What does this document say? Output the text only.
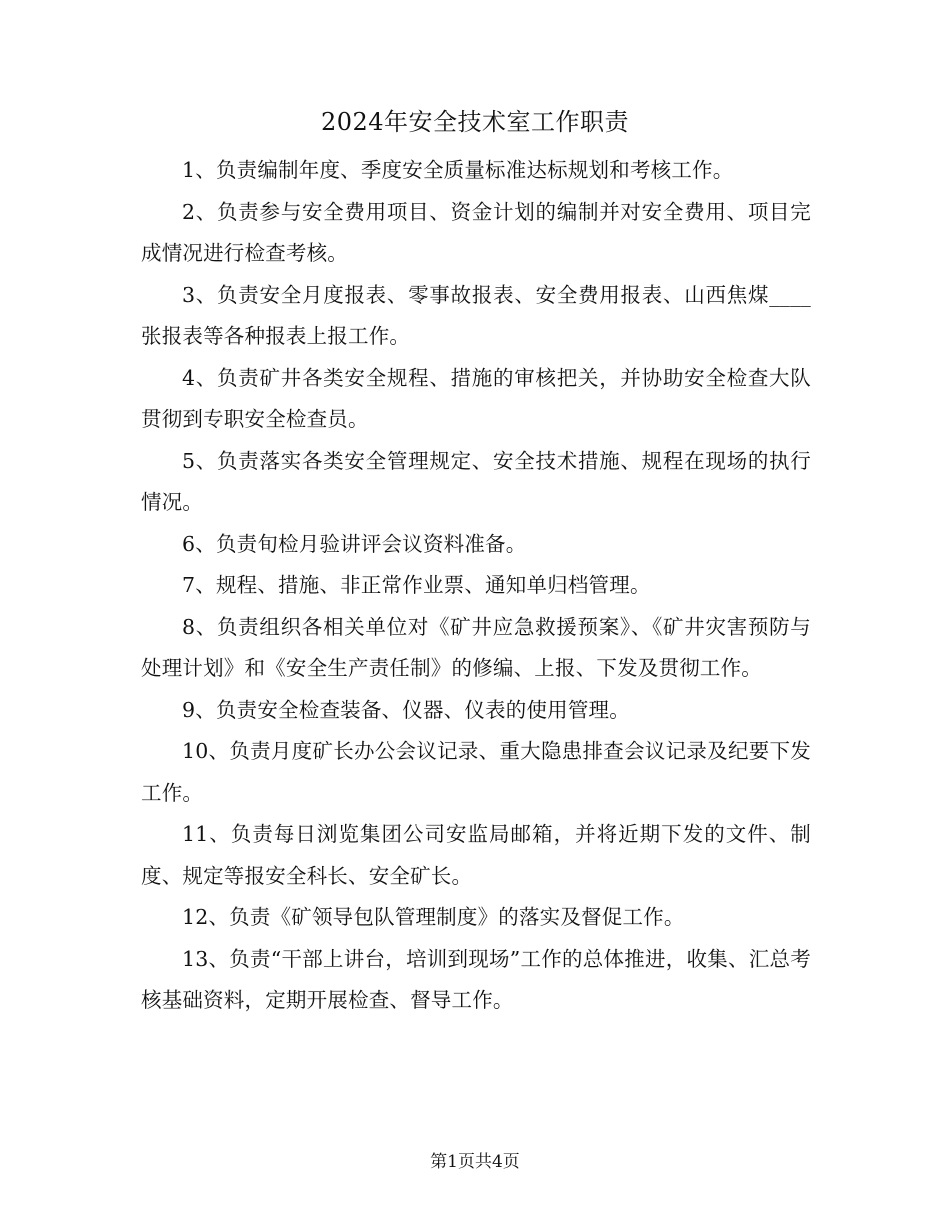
2024年安全技术室工作职责

1、负责编制年度、季度安全质量标准达标规划和考核工作。

2、负责参与安全费用项目、资金计划的编制并对安全费用、项目完成情况进行检查考核。

3、负责安全月度报表、零事故报表、安全费用报表、山西焦煤____张报表等各种报表上报工作。

4、负责矿井各类安全规程、措施的审核把关，并协助安全检查大队贯彻到专职安全检查员。

5、负责落实各类安全管理规定、安全技术措施、规程在现场的执行情况。

6、负责旬检月验讲评会议资料准备。

7、规程、措施、非正常作业票、通知单归档管理。

8、负责组织各相关单位对《矿井应急救援预案》、《矿井灾害预防与处理计划》和《安全生产责任制》的修编、上报、下发及贯彻工作。

9、负责安全检查装备、仪器、仪表的使用管理。

10、负责月度矿长办公会议记录、重大隐患排查会议记录及纪要下发工作。

11、负责每日浏览集团公司安监局邮箱，并将近期下发的文件、制度、规定等报安全科长、安全矿长。

12、负责《矿领导包队管理制度》的落实及督促工作。

13、负责“干部上讲台，培训到现场”工作的总体推进，收集、汇总考核基础资料，定期开展检查、督导工作。

第1页共4页
